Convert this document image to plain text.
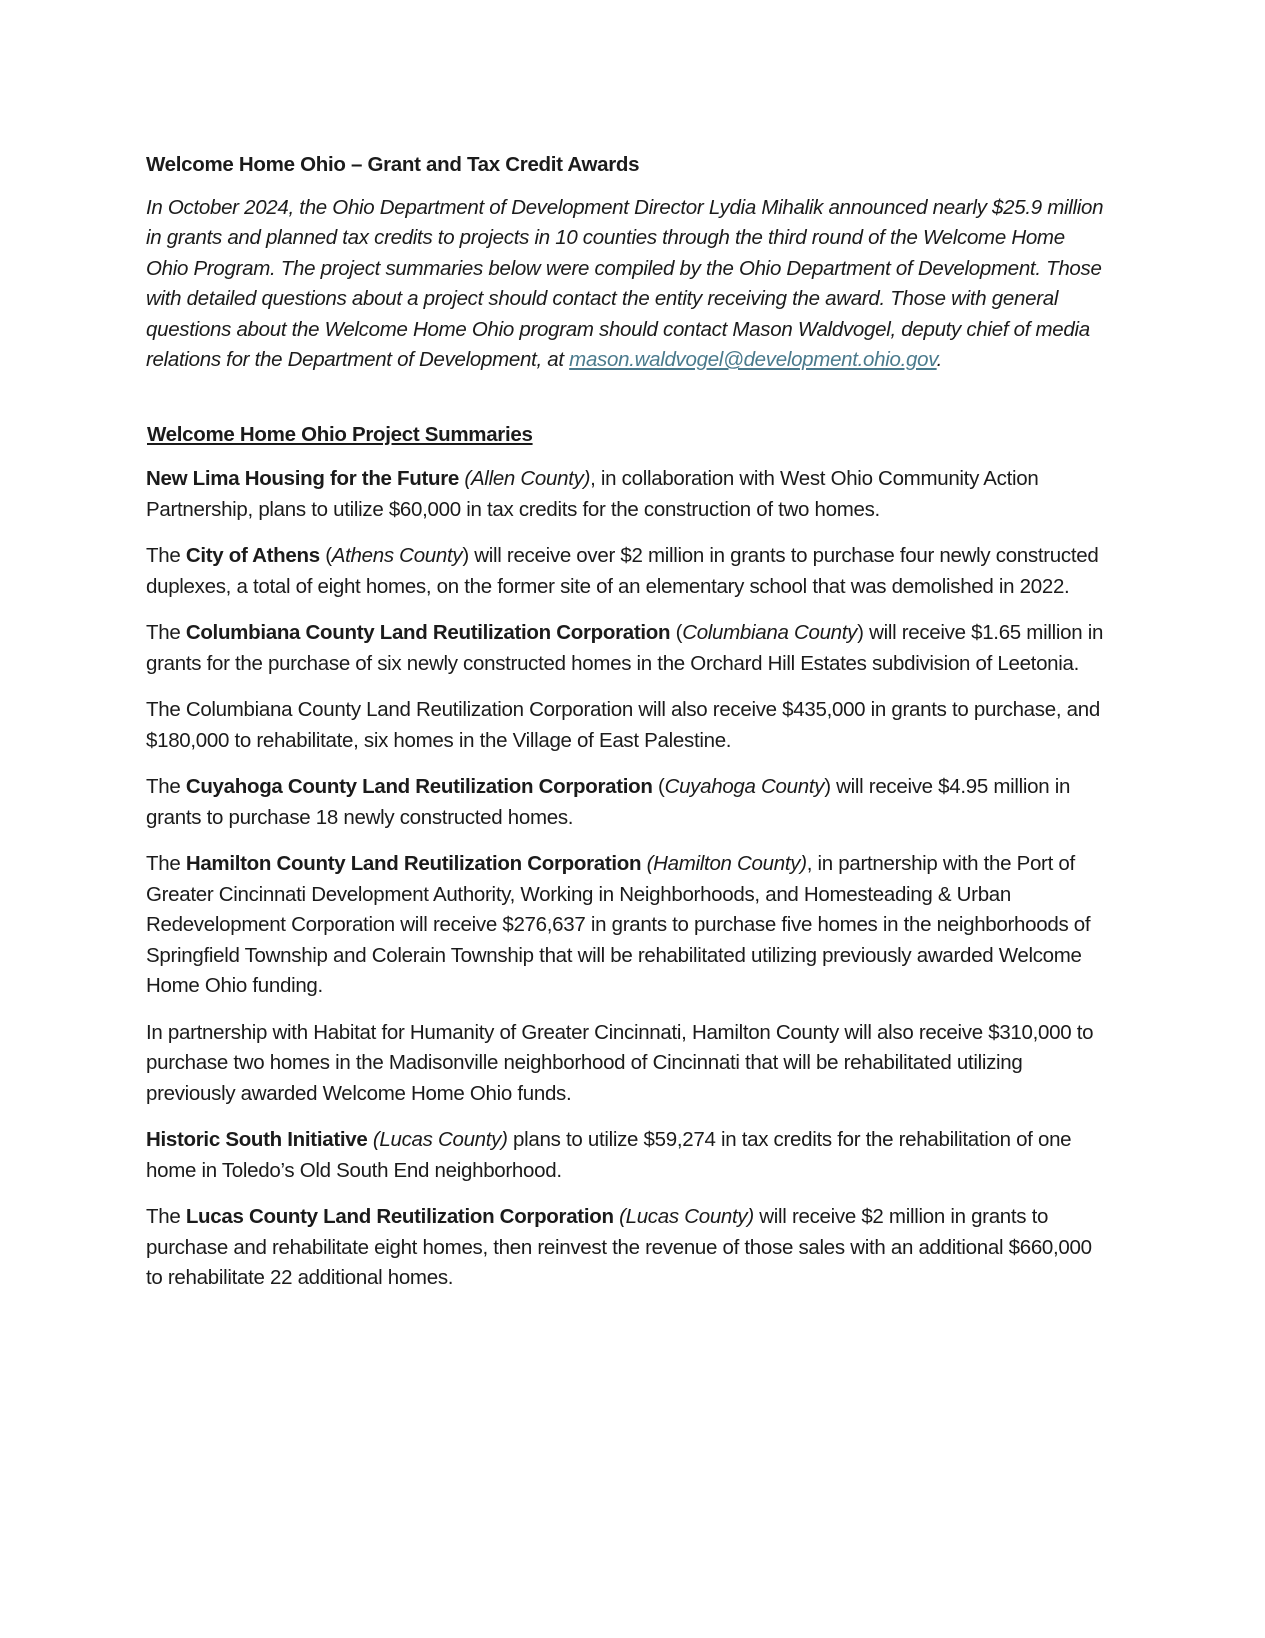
Welcome Home Ohio – Grant and Tax Credit Awards

In October 2024, the Ohio Department of Development Director Lydia Mihalik announced nearly $25.9 million in grants and planned tax credits to projects in 10 counties through the third round of the Welcome Home Ohio Program. The project summaries below were compiled by the Ohio Department of Development. Those with detailed questions about a project should contact the entity receiving the award. Those with general questions about the Welcome Home Ohio program should contact Mason Waldvogel, deputy chief of media relations for the Department of Development, at mason.waldvogel@development.ohio.gov.

Welcome Home Ohio Project Summaries

New Lima Housing for the Future (Allen County), in collaboration with West Ohio Community Action Partnership, plans to utilize $60,000 in tax credits for the construction of two homes.

The City of Athens (Athens County) will receive over $2 million in grants to purchase four newly constructed duplexes, a total of eight homes, on the former site of an elementary school that was demolished in 2022.

The Columbiana County Land Reutilization Corporation (Columbiana County) will receive $1.65 million in grants for the purchase of six newly constructed homes in the Orchard Hill Estates subdivision of Leetonia.

The Columbiana County Land Reutilization Corporation will also receive $435,000 in grants to purchase, and $180,000 to rehabilitate, six homes in the Village of East Palestine.

The Cuyahoga County Land Reutilization Corporation (Cuyahoga County) will receive $4.95 million in grants to purchase 18 newly constructed homes.

The Hamilton County Land Reutilization Corporation (Hamilton County), in partnership with the Port of Greater Cincinnati Development Authority, Working in Neighborhoods, and Homesteading & Urban Redevelopment Corporation will receive $276,637 in grants to purchase five homes in the neighborhoods of Springfield Township and Colerain Township that will be rehabilitated utilizing previously awarded Welcome Home Ohio funding.

In partnership with Habitat for Humanity of Greater Cincinnati, Hamilton County will also receive $310,000 to purchase two homes in the Madisonville neighborhood of Cincinnati that will be rehabilitated utilizing previously awarded Welcome Home Ohio funds.

Historic South Initiative (Lucas County) plans to utilize $59,274 in tax credits for the rehabilitation of one home in Toledo’s Old South End neighborhood.

The Lucas County Land Reutilization Corporation (Lucas County) will receive $2 million in grants to purchase and rehabilitate eight homes, then reinvest the revenue of those sales with an additional $660,000 to rehabilitate 22 additional homes.
